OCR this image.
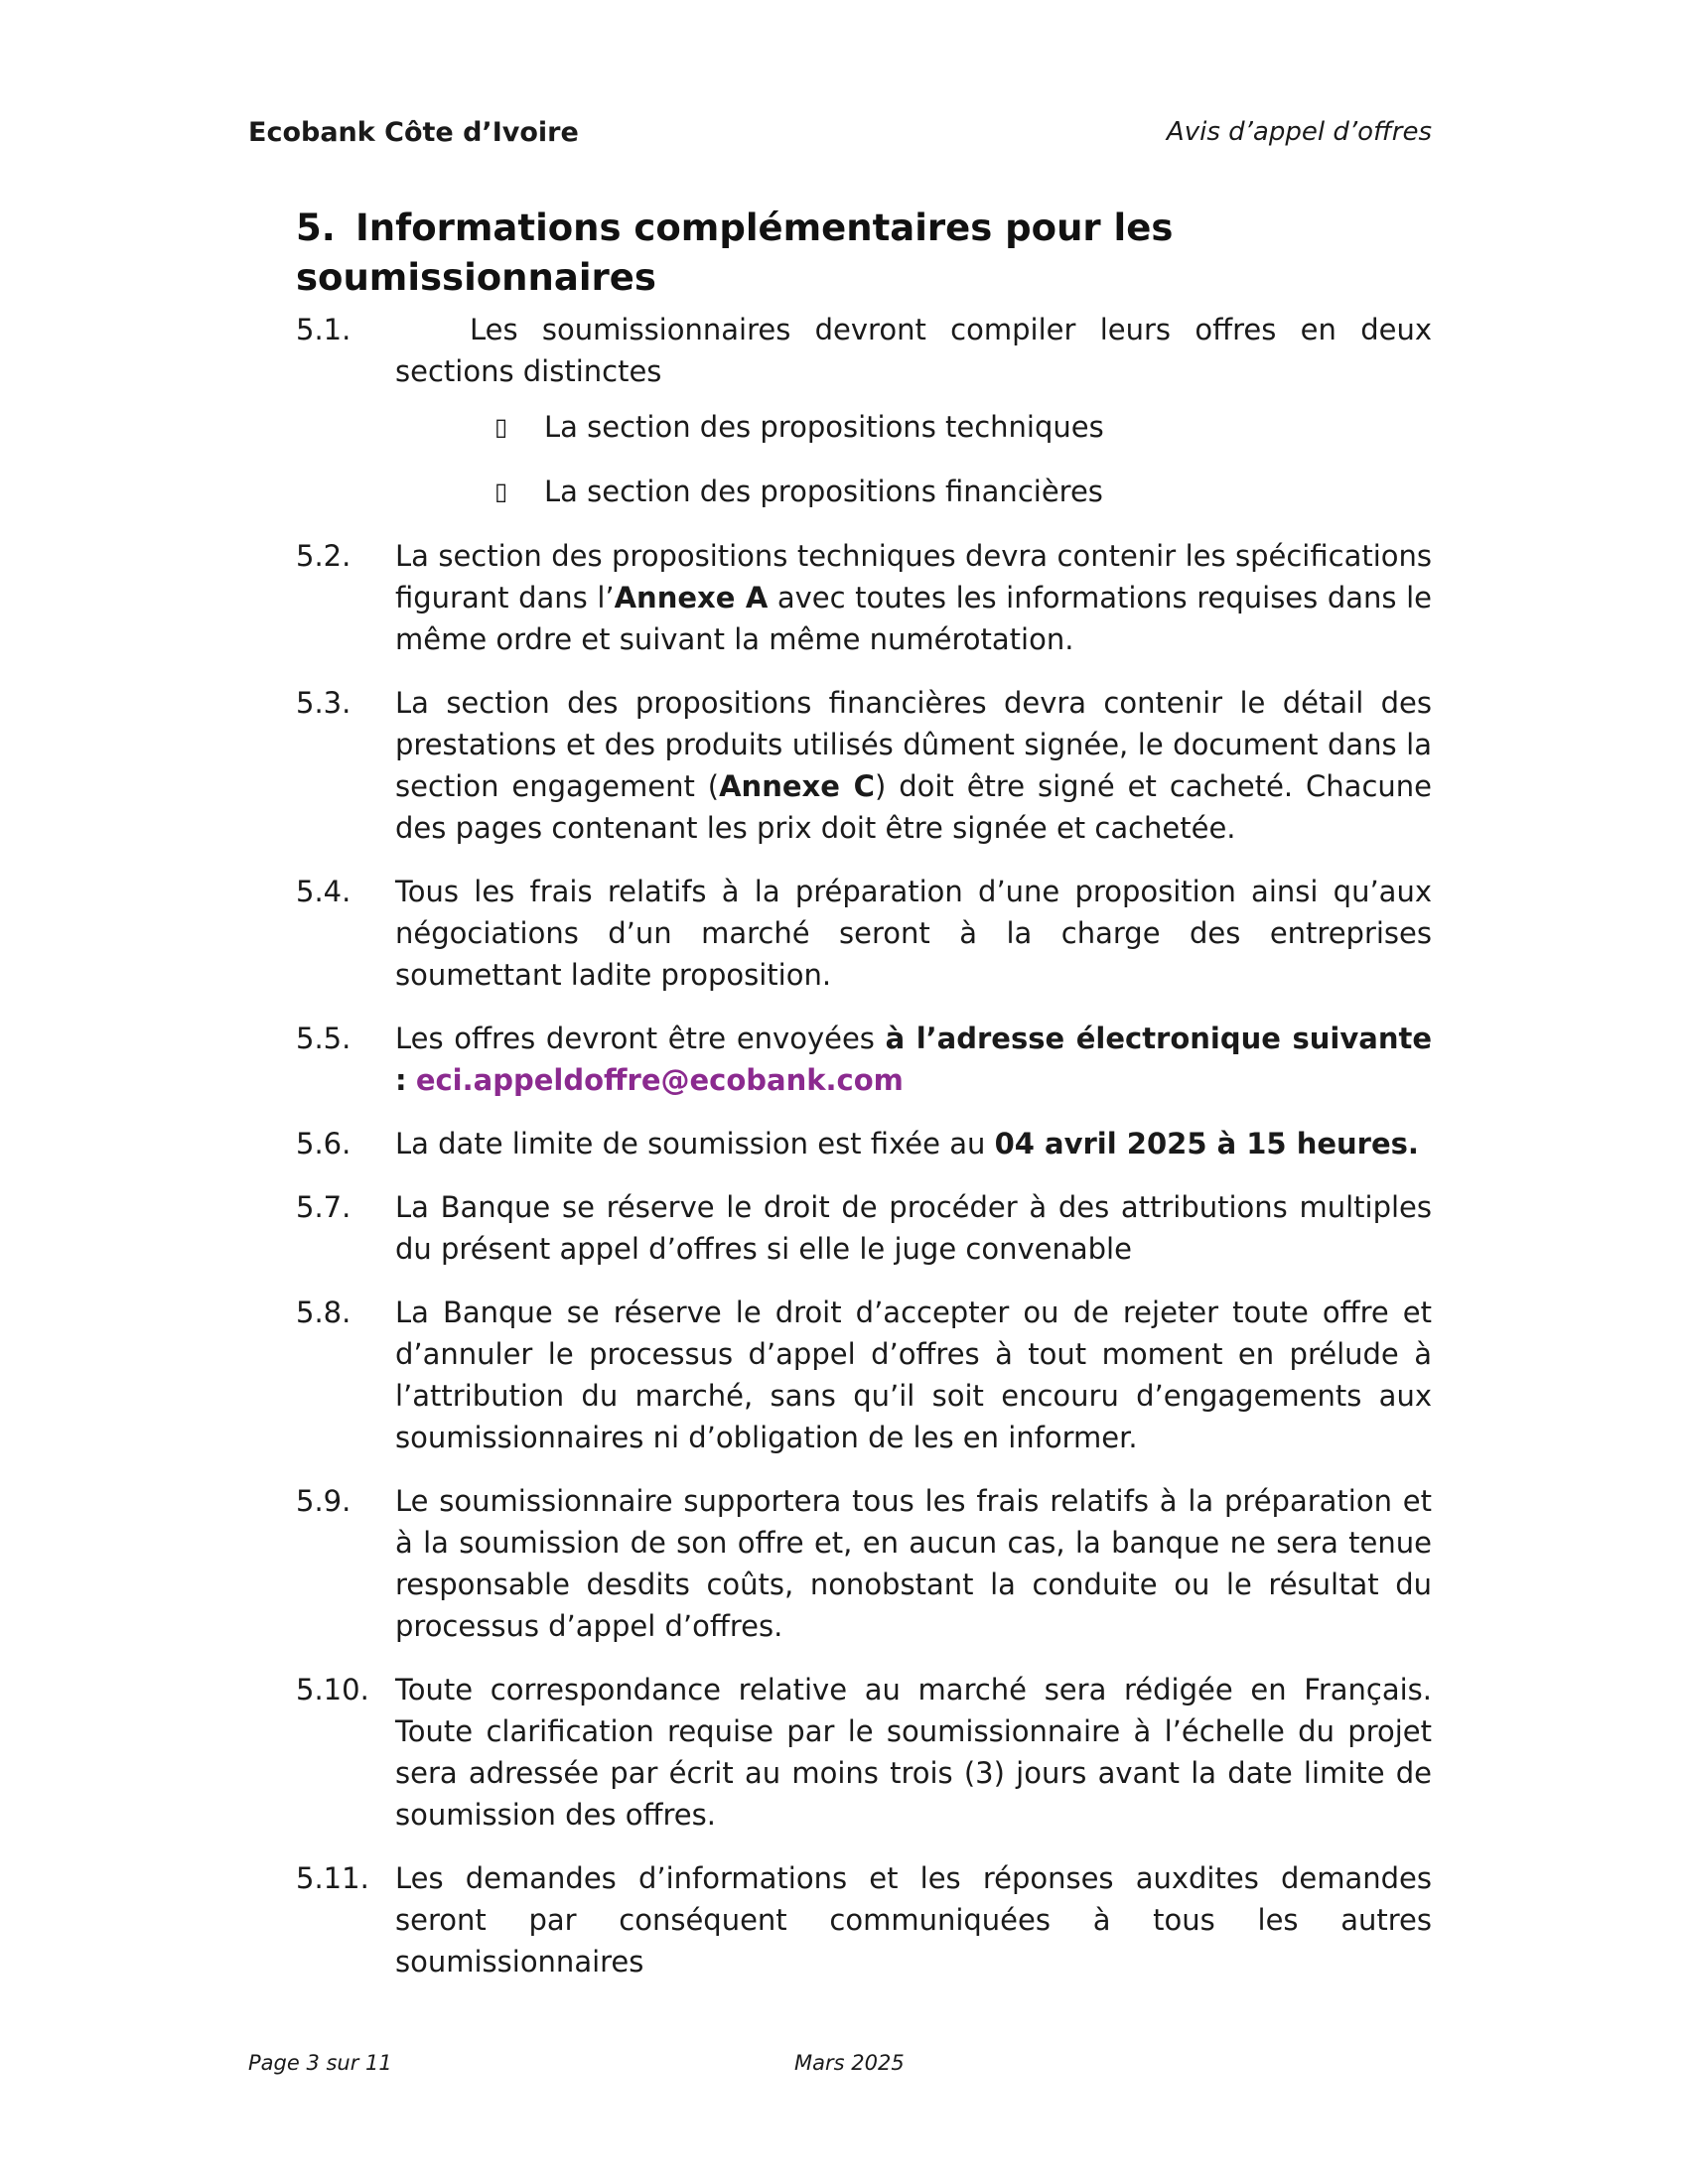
Ecobank Côte d’Ivoire	Avis d’appel d’offres
5. Informations complémentaires pour les soumissionnaires
5.1.	Les soumissionnaires devront compiler leurs offres en deux sections distinctes
▯ La section des propositions techniques
▯ La section des propositions financières
5.2. La section des propositions techniques devra contenir les spécifications figurant dans l’Annexe A avec toutes les informations requises dans le même ordre et suivant la même numérotation.
5.3. La section des propositions financières devra contenir le détail des prestations et des produits utilisés dûment signée, le document dans la section engagement (Annexe C) doit être signé et cacheté. Chacune des pages contenant les prix doit être signée et cachetée.
5.4. Tous les frais relatifs à la préparation d’une proposition ainsi qu’aux négociations d’un marché seront à la charge des entreprises soumettant ladite proposition.
5.5. Les offres devront être envoyées à l’adresse électronique suivante : eci.appeldoffre@ecobank.com
5.6. La date limite de soumission est fixée au 04 avril 2025 à 15 heures.
5.7. La Banque se réserve le droit de procéder à des attributions multiples du présent appel d’offres si elle le juge convenable
5.8. La Banque se réserve le droit d’accepter ou de rejeter toute offre et d’annuler le processus d’appel d’offres à tout moment en prélude à l’attribution du marché, sans qu’il soit encouru d’engagements aux soumissionnaires ni d’obligation de les en informer.
5.9. Le soumissionnaire supportera tous les frais relatifs à la préparation et à la soumission de son offre et, en aucun cas, la banque ne sera tenue responsable desdits coûts, nonobstant la conduite ou le résultat du processus d’appel d’offres.
5.10. Toute correspondance relative au marché sera rédigée en Français. Toute clarification requise par le soumissionnaire à l’échelle du projet sera adressée par écrit au moins trois (3) jours avant la date limite de soumission des offres.
5.11. Les demandes d’informations et les réponses auxdites demandes seront par conséquent communiquées à tous les autres soumissionnaires
Page 3 sur 11	Mars 2025
